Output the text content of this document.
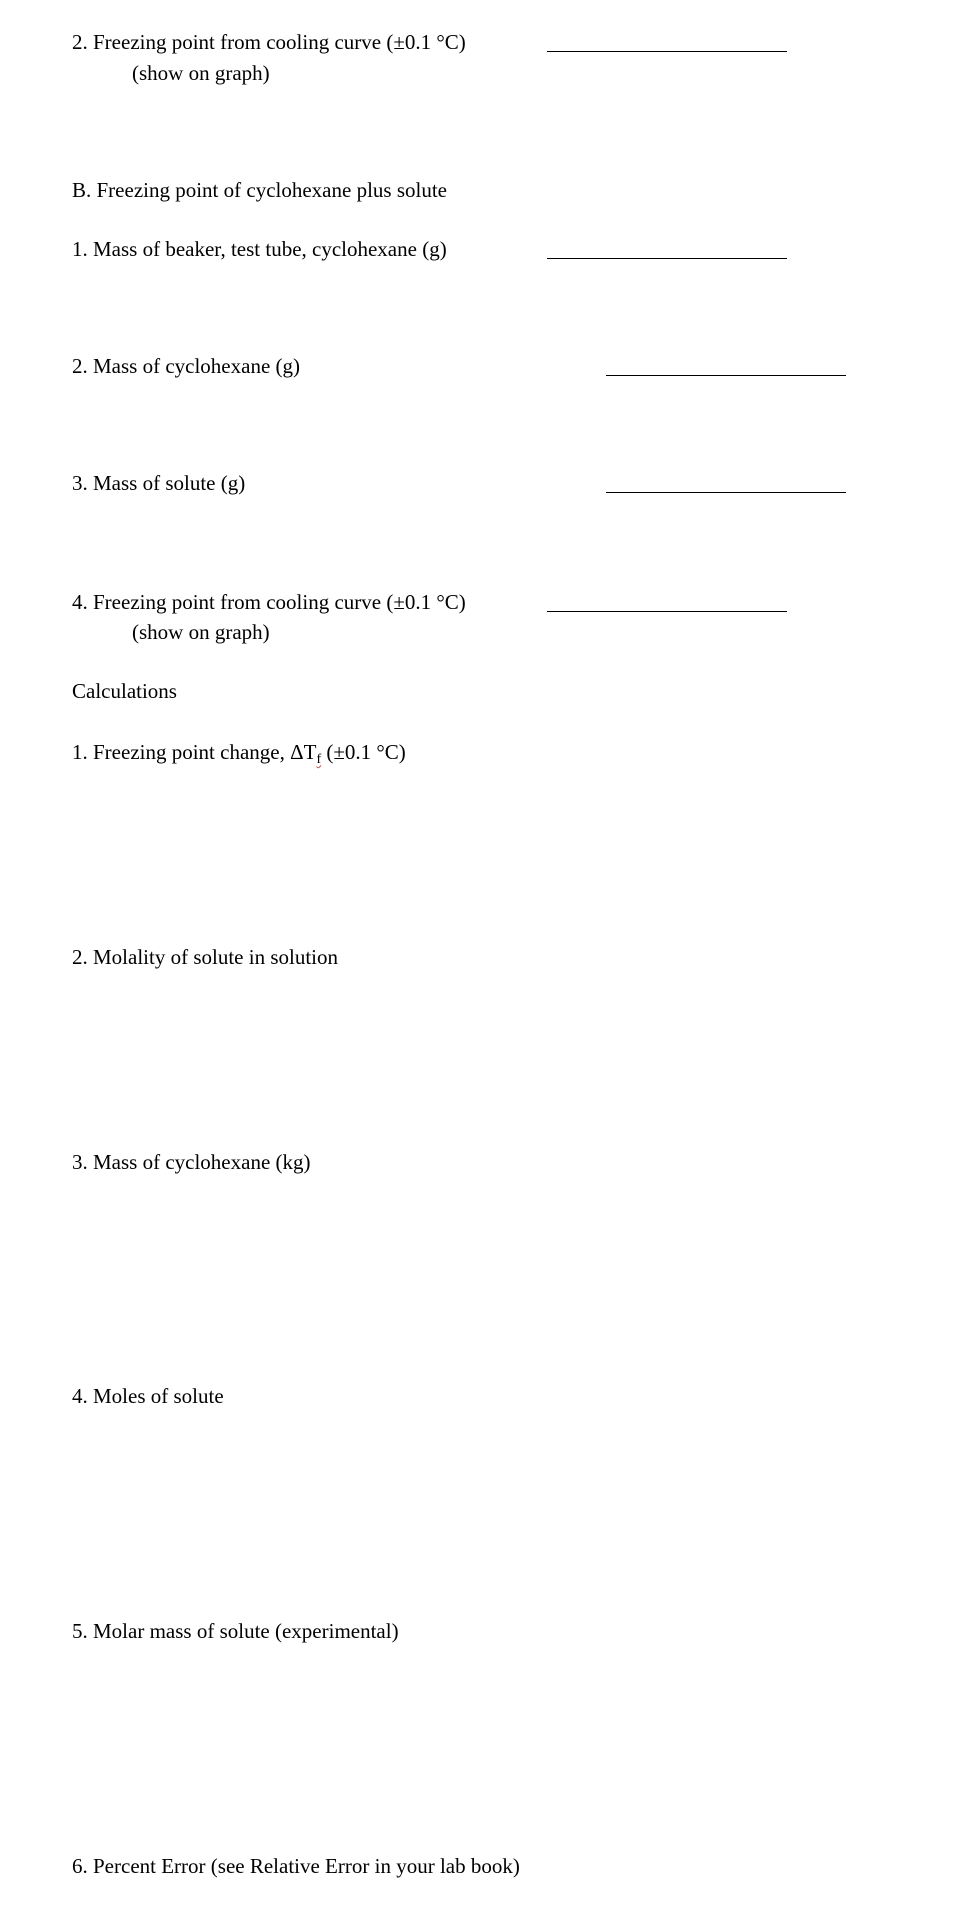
2. Freezing point from cooling curve (±0.1 °C)
(show on graph)
B. Freezing point of cyclohexane plus solute
1. Mass of beaker, test tube, cyclohexane (g)
2. Mass of cyclohexane (g)
3. Mass of solute (g)
4. Freezing point from cooling curve (±0.1 °C)
(show on graph)
Calculations
1. Freezing point change, ΔTf (±0.1 °C)
2. Molality of solute in solution
3. Mass of cyclohexane (kg)
4. Moles of solute
5. Molar mass of solute (experimental)
6. Percent Error (see Relative Error in your lab book)
